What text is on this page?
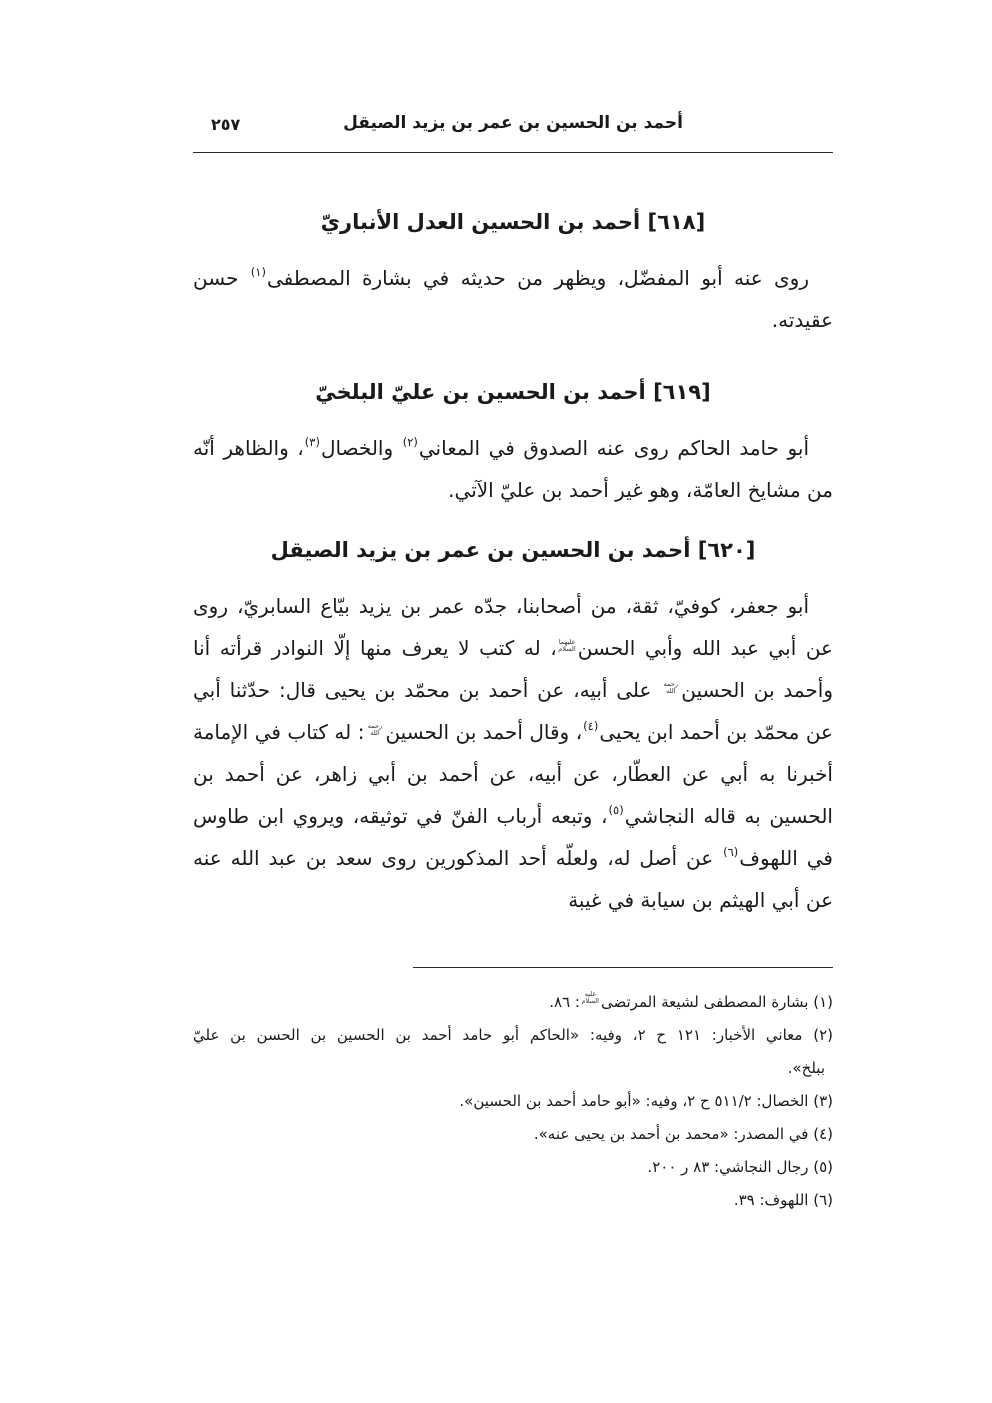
٢٥٧	أحمد بن الحسين بن عمر بن يزيد الصيقل
[٦١٨] أحمد بن الحسين العدل الأنباريّ

روى عنه أبو المفضّل، ويظهر من حديثه في بشارة المصطفى$^{(١)}$ حسن عقيدته.

[٦١٩] أحمد بن الحسين بن عليّ البلخيّ

أبو حامد الحاكم روى عنه الصدوق في المعاني$^{(٢)}$ والخصال$^{(٣)}$، والظاهر أنّه من مشايخ العامّة، وهو غير أحمد بن عليّ الآتي.

[٦٢٠] أحمد بن الحسين بن عمر بن يزيد الصيقل

أبو جعفر، كوفيّ، ثقة، من أصحابنا، جدّه عمر بن يزيد بيّاع السابريّ، روى عن أبي عبد الله وأبي الحسنعليهما السلام، له كتب لا يعرف منها إلّا النوادر قرأته أنا وأحمد بن الحسينرحمه الله على أبيه، عن أحمد بن محمّد بن يحيى قال: حدّثنا أبي عن محمّد بن أحمد ابن يحيى$^{(٤)}$، وقال أحمد بن الحسينرحمه الله: له كتاب في الإمامة أخبرنا به أبي عن العطّار، عن أبيه، عن أحمد بن أبي زاهر، عن أحمد بن الحسين به قاله النجاشي$^{(٥)}$، وتبعه أرباب الفنّ في توثيقه، ويروي ابن طاوس في اللهوف$^{(٦)}$ عن أصل له، ولعلّه أحد المذكورين روى سعد بن عبد الله عنه عن أبي الهيثم بن سيابة في غيبة

(١) بشارة المصطفى لشيعة المرتضىعليه السلام: ٨٦.
(٢) معاني الأخبار: ١٢١ ح ٢، وفيه: «الحاكم أبو حامد أحمد بن الحسين بن الحسن بن عليّ
ببلخ».
(٣) الخصال: ٥١١/٢ ح ٢، وفيه: «أبو حامد أحمد بن الحسين».
(٤) في المصدر: «محمد بن أحمد بن يحيى عنه».
(٥) رجال النجاشي: ٨٣ ر ٢٠٠.
(٦) اللهوف: ٣٩.
